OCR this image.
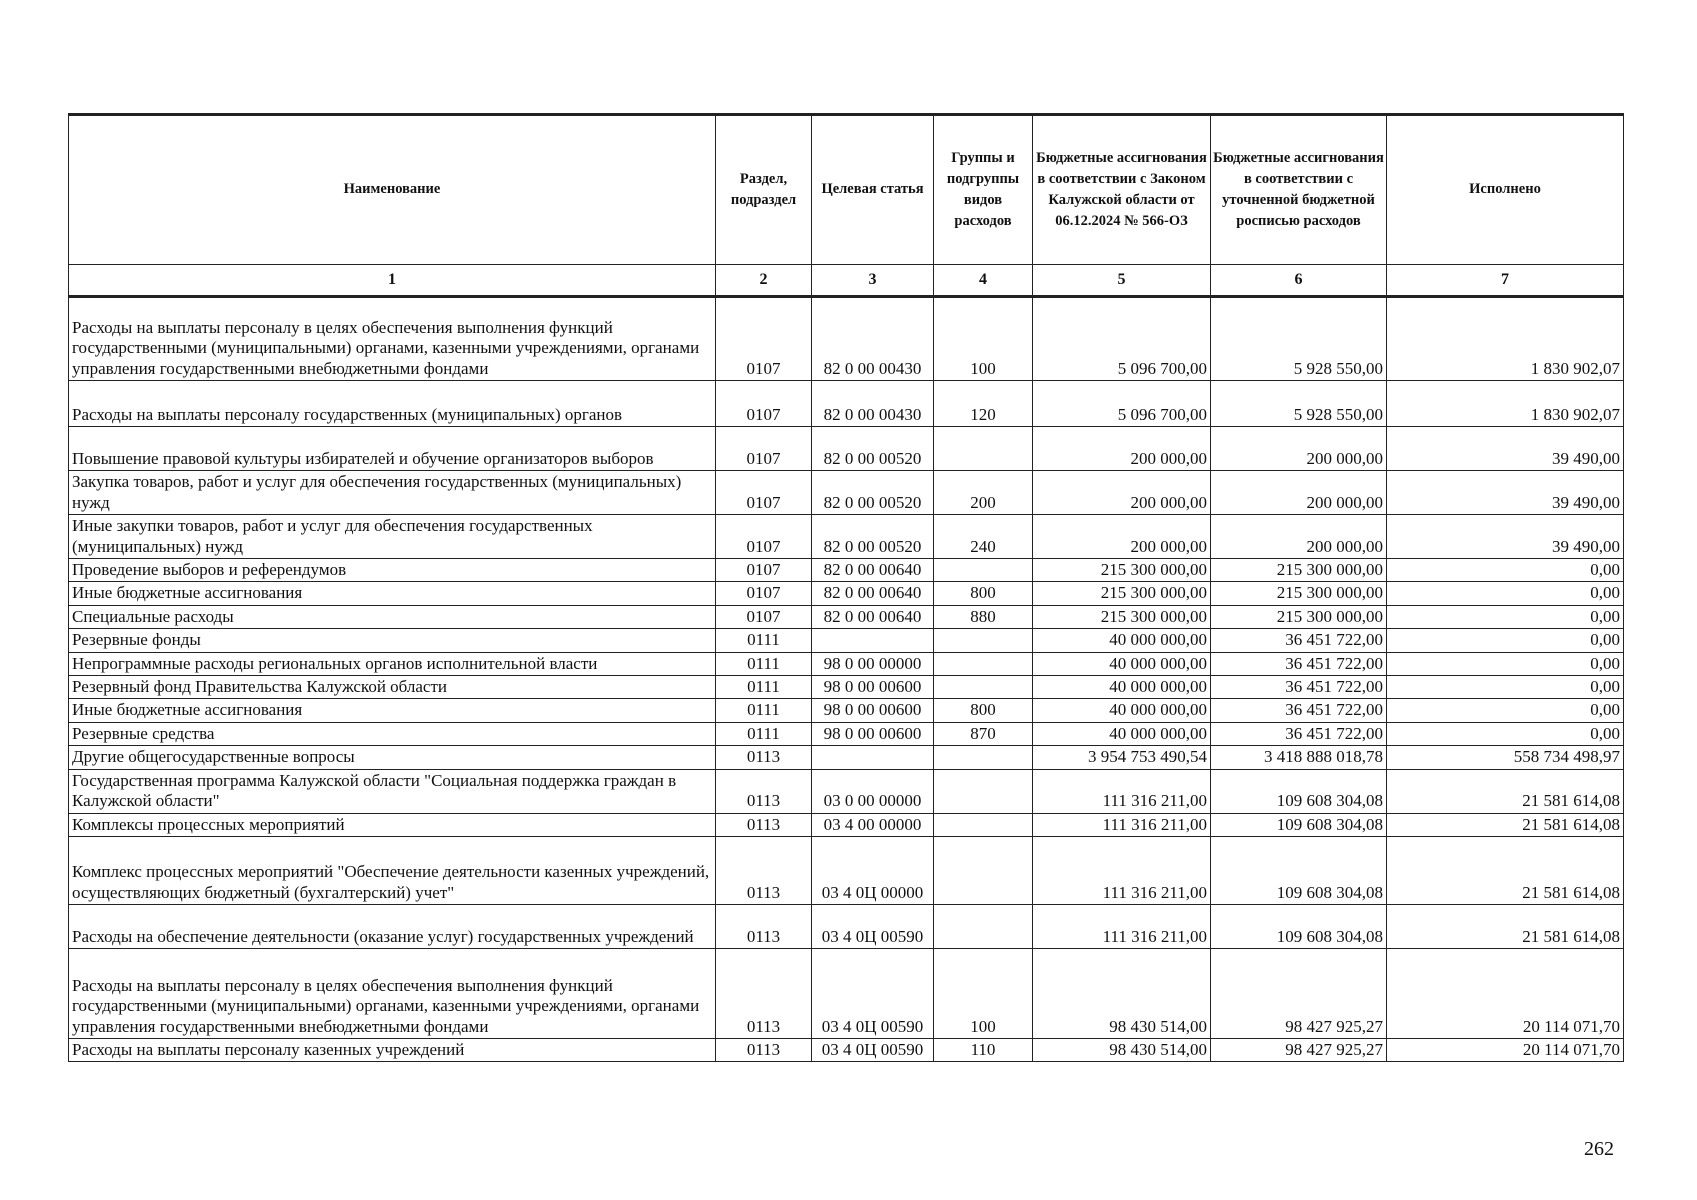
Наименование	Раздел, подраздел	Целевая статья	Группы и подгруппы видов расходов	Бюджетные ассигнования в соответствии с Законом Калужской области от 06.12.2024 № 566-ОЗ	Бюджетные ассигнования в соответствии с уточненной бюджетной росписью расходов	Исполнено
1	2	3	4	5	6	7
Расходы на выплаты персоналу в целях обеспечения выполнения функций государственными (муниципальными) органами, казенными учреждениями, органами управления государственными внебюджетными фондами	0107	82 0 00 00430	100	5 096 700,00	5 928 550,00	1 830 902,07
Расходы на выплаты персоналу государственных (муниципальных) органов	0107	82 0 00 00430	120	5 096 700,00	5 928 550,00	1 830 902,07
Повышение правовой культуры избирателей и обучение организаторов выборов	0107	82 0 00 00520		200 000,00	200 000,00	39 490,00
Закупка товаров, работ и услуг для обеспечения государственных (муниципальных) нужд	0107	82 0 00 00520	200	200 000,00	200 000,00	39 490,00
Иные закупки товаров, работ и услуг для обеспечения государственных (муниципальных) нужд	0107	82 0 00 00520	240	200 000,00	200 000,00	39 490,00
Проведение выборов и референдумов	0107	82 0 00 00640		215 300 000,00	215 300 000,00	0,00
Иные бюджетные ассигнования	0107	82 0 00 00640	800	215 300 000,00	215 300 000,00	0,00
Специальные расходы	0107	82 0 00 00640	880	215 300 000,00	215 300 000,00	0,00
Резервные фонды	0111			40 000 000,00	36 451 722,00	0,00
Непрограммные расходы региональных органов исполнительной власти	0111	98 0 00 00000		40 000 000,00	36 451 722,00	0,00
Резервный фонд Правительства Калужской области	0111	98 0 00 00600		40 000 000,00	36 451 722,00	0,00
Иные бюджетные ассигнования	0111	98 0 00 00600	800	40 000 000,00	36 451 722,00	0,00
Резервные средства	0111	98 0 00 00600	870	40 000 000,00	36 451 722,00	0,00
Другие общегосударственные вопросы	0113			3 954 753 490,54	3 418 888 018,78	558 734 498,97
Государственная программа Калужской области "Социальная поддержка граждан в Калужской области"	0113	03 0 00 00000		111 316 211,00	109 608 304,08	21 581 614,08
Комплексы процессных мероприятий	0113	03 4 00 00000		111 316 211,00	109 608 304,08	21 581 614,08
Комплекс процессных мероприятий "Обеспечение деятельности казенных учреждений, осуществляющих бюджетный (бухгалтерский) учет"	0113	03 4 0Ц 00000		111 316 211,00	109 608 304,08	21 581 614,08
Расходы на обеспечение деятельности (оказание услуг) государственных учреждений	0113	03 4 0Ц 00590		111 316 211,00	109 608 304,08	21 581 614,08
Расходы на выплаты персоналу в целях обеспечения выполнения функций государственными (муниципальными) органами, казенными учреждениями, органами управления государственными внебюджетными фондами	0113	03 4 0Ц 00590	100	98 430 514,00	98 427 925,27	20 114 071,70
Расходы на выплаты персоналу казенных учреждений	0113	03 4 0Ц 00590	110	98 430 514,00	98 427 925,27	20 114 071,70
262
